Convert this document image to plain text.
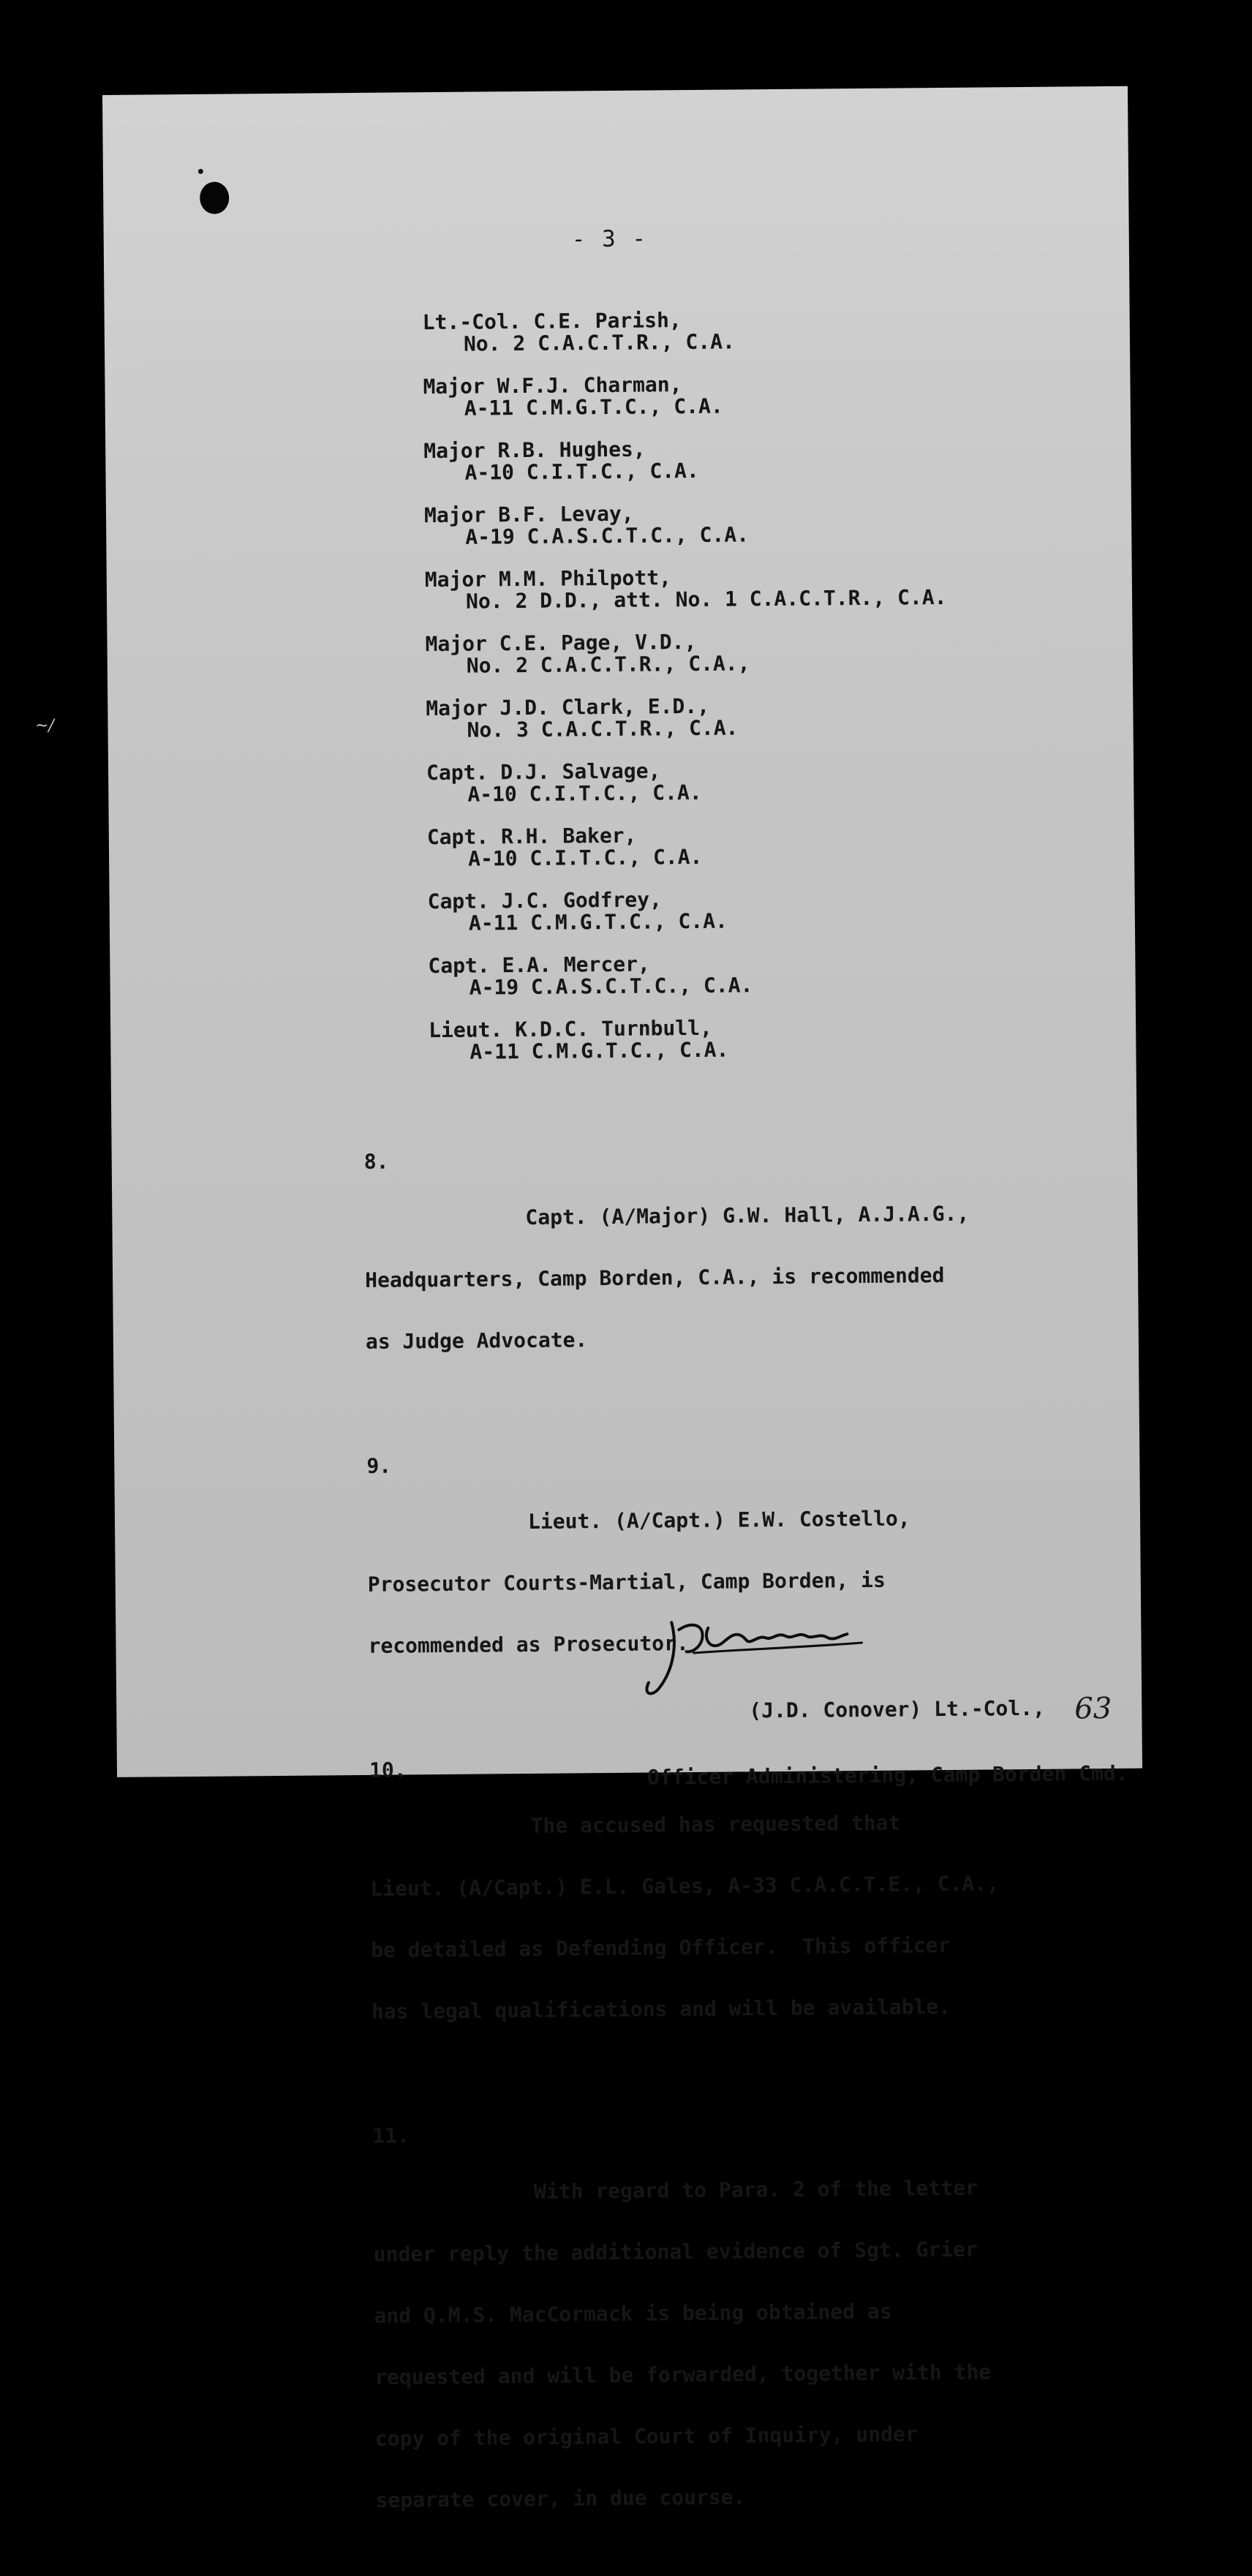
- 3 -
Lt.-Col. C.E. Parish,
No. 2 C.A.C.T.R., C.A.
Major W.F.J. Charman,
A-11 C.M.G.T.C., C.A.
Major R.B. Hughes,
A-10 C.I.T.C., C.A.
Major B.F. Levay,
A-19 C.A.S.C.T.C., C.A.
Major M.M. Philpott,
No. 2 D.D., att. No. 1 C.A.C.T.R., C.A.
Major C.E. Page, V.D.,
No. 2 C.A.C.T.R., C.A.,
Major J.D. Clark, E.D.,
No. 3 C.A.C.T.R., C.A.
Capt. D.J. Salvage,
A-10 C.I.T.C., C.A.
Capt. R.H. Baker,
A-10 C.I.T.C., C.A.
Capt. J.C. Godfrey,
A-11 C.M.G.T.C., C.A.
Capt. E.A. Mercer,
A-19 C.A.S.C.T.C., C.A.
Lieut. K.D.C. Turnbull,
A-11 C.M.G.T.C., C.A.

8.

Capt. (A/Major) G.W. Hall, A.J.A.G.,

Headquarters, Camp Borden, C.A., is recommended

as Judge Advocate.

9.

Lieut. (A/Capt.) E.W. Costello,

Prosecutor Courts-Martial, Camp Borden, is

recommended as Prosecutor.

10.

The accused has requested that

Lieut. (A/Capt.) E.L. Gales, A-33 C.A.C.T.E., C.A.,

be detailed as Defending Officer.  This officer

has legal qualifications and will be available.

11.

With regard to Para. 2 of the letter

under reply the additional evidence of Sgt. Grier

and Q.M.S. MacCormack is being obtained as

requested and will be forwarded, together with the

copy of the original Court of Inquiry, under

separate cover, in due course.

(J.D. Conover) Lt.-Col.,

Officer Administering, Camp Borden Cmd.

63
~/
